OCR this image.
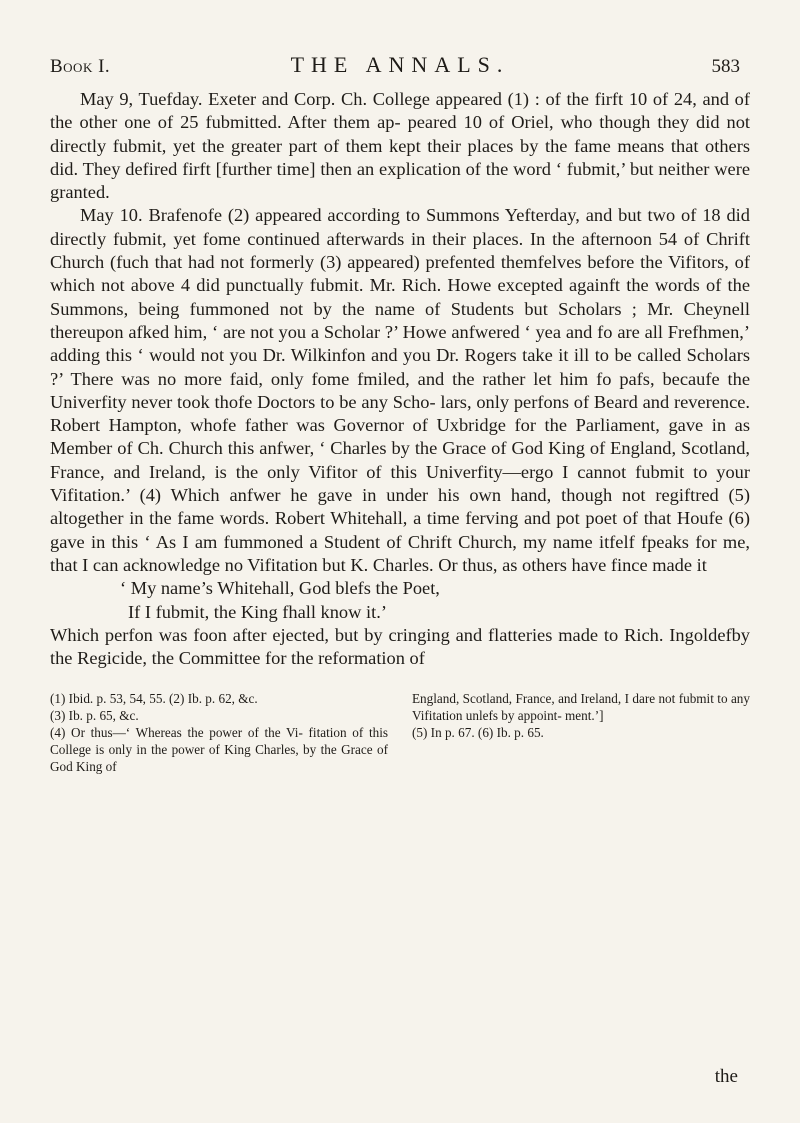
Book I.	THE ANNALS.	583

May 9, Tuefday. Exeter and Corp. Ch. College appeared (1) : of the firft 10 of 24, and of the other one of 25 fubmitted. After them ap- peared 10 of Oriel, who though they did not directly fubmit, yet the greater part of them kept their places by the fame means that others did. They defired firft [further time] then an explication of the word ‘ fubmit,’ but neither were granted.

May 10. Brafenofe (2) appeared according to Summons Yefterday, and but two of 18 did directly fubmit, yet fome continued afterwards in their places. In the afternoon 54 of Chrift Church (fuch that had not formerly (3) appeared) prefented themfelves before the Vifitors, of which not above 4 did punctually fubmit. Mr. Rich. Howe excepted againft the words of the Summons, being fummoned not by the name of Students but Scholars ; Mr. Cheynell thereupon afked him, ‘ are not you a Scholar ?’ Howe anfwered ‘ yea and fo are all Frefhmen,’ adding this ‘ would not you Dr. Wilkinfon and you Dr. Rogers take it ill to be called Scholars ?’ There was no more faid, only fome fmiled, and the rather let him fo pafs, becaufe the Univerfity never took thofe Doctors to be any Scho- lars, only perfons of Beard and reverence. Robert Hampton, whofe father was Governor of Uxbridge for the Parliament, gave in as Member of Ch. Church this anfwer, ‘ Charles by the Grace of God King of England, Scotland, France, and Ireland, is the only Vifitor of this Univerfity—ergo I cannot fubmit to your Vifitation.’ (4) Which anfwer he gave in under his own hand, though not regiftred (5) altogether in the fame words. Robert Whitehall, a time ferving and pot poet of that Houfe (6) gave in this ‘ As I am fummoned a Student of Chrift Church, my name itfelf fpeaks for me, that I can acknowledge no Vifitation but K. Charles. Or thus, as others have fince made it

‘ My name’s Whitehall, God blefs the Poet,
If I fubmit, the King fhall know it.’

Which perfon was foon after ejected, but by cringing and flatteries made to Rich. Ingoldefby the Regicide, the Committee for the reformation of

(1) Ibid. p. 53, 54, 55. (2) Ib. p. 62, &c.
(3) Ib. p. 65, &c.
(4) Or thus—‘ Whereas the power of the Vi- fitation of this College is only in the power of King Charles, by the Grace of God King of
England, Scotland, France, and Ireland, I dare not fubmit to any Vifitation unlefs by appoint- ment.’]
(5) In p. 67. (6) Ib. p. 65.
the
